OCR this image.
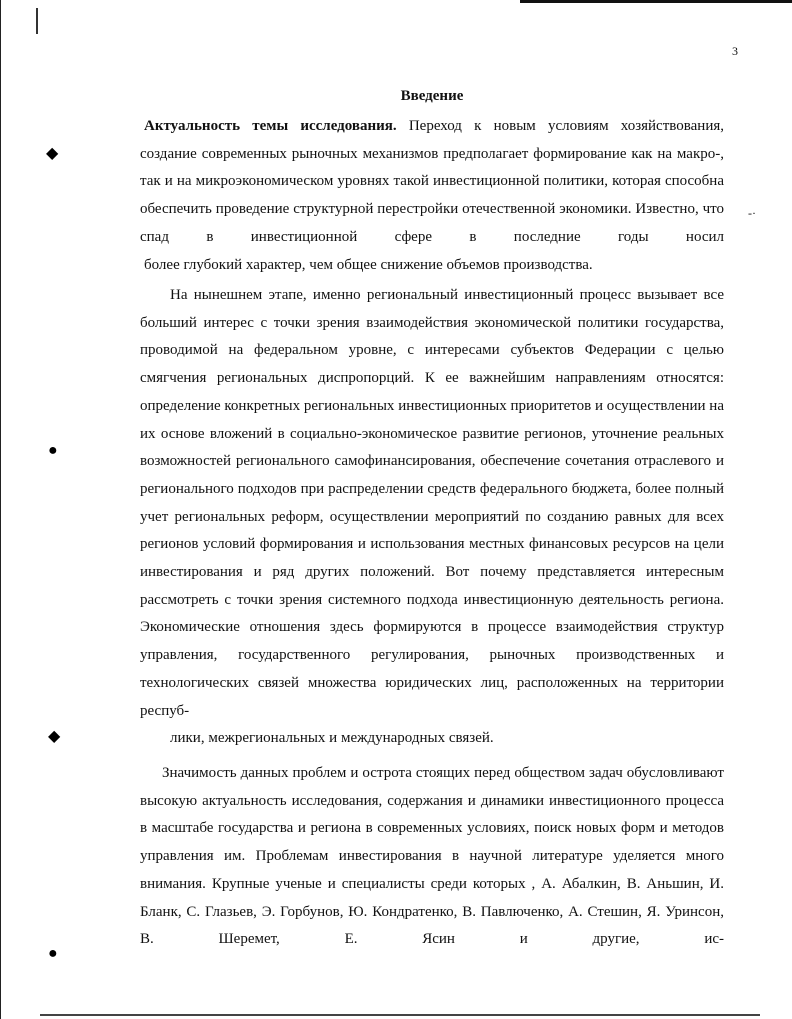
3
Введение

Актуальность темы исследования. Переход к новым условиям хозяйствования, создание современных рыночных механизмов предполагает формирование как на макро-, так и на микроэкономическом уровнях такой инвестиционной политики, которая способна обеспечить проведение структурной перестройки отечественной экономики. Известно, что спад в инвестиционной сфере в последние годы носил
более глубокий характер, чем общее снижение объемов производства.

На нынешнем этапе, именно региональный инвестиционный процесс вызывает все больший интерес с точки зрения взаимодействия экономической политики государства, проводимой на федеральном уровне, с интересами субъектов Федерации с целью смягчения региональных диспропорций. К ее важнейшим направлениям относятся: определение конкретных региональных инвестиционных приоритетов и осуществлении на их основе вложений в социально-экономическое развитие регионов, уточнение реальных возможностей регионального самофинансирования, обеспечение сочетания отраслевого и регионального подходов при распределении средств федерального бюджета, более полный учет региональных реформ, осуществлении мероприятий по созданию равных для всех регионов условий формирования и использования местных финансовых ресурсов на цели инвестирования и ряд других положений. Вот почему представляется интересным рассмотреть с точки зрения системного подхода инвестиционную деятельность региона. Экономические отношения здесь формируются в процессе взаимодействия структур управления, государственного регулирования, рыночных производственных и технологических связей множества юридических лиц, расположенных на территории респуб-
лики, межрегиональных и международных связей.

Значимость данных проблем и острота стоящих перед обществом задач обусловливают высокую актуальность исследования, содержания и динамики инвестиционного процесса в масштабе государства и региона в современных условиях, поиск новых форм и методов управления им. Проблемам инвестирования в научной литературе уделяется много внимания. Крупные ученые и специалисты среди которых , А. Абалкин, В. Аньшин, И. Бланк, С. Глазьев, Э. Горбунов, Ю. Кондратенко, В. Павлюченко, А. Стешин, Я. Уринсон, В. Шеремет, Е. Ясин и другие, ис-

◆
●
◆
●
-·
